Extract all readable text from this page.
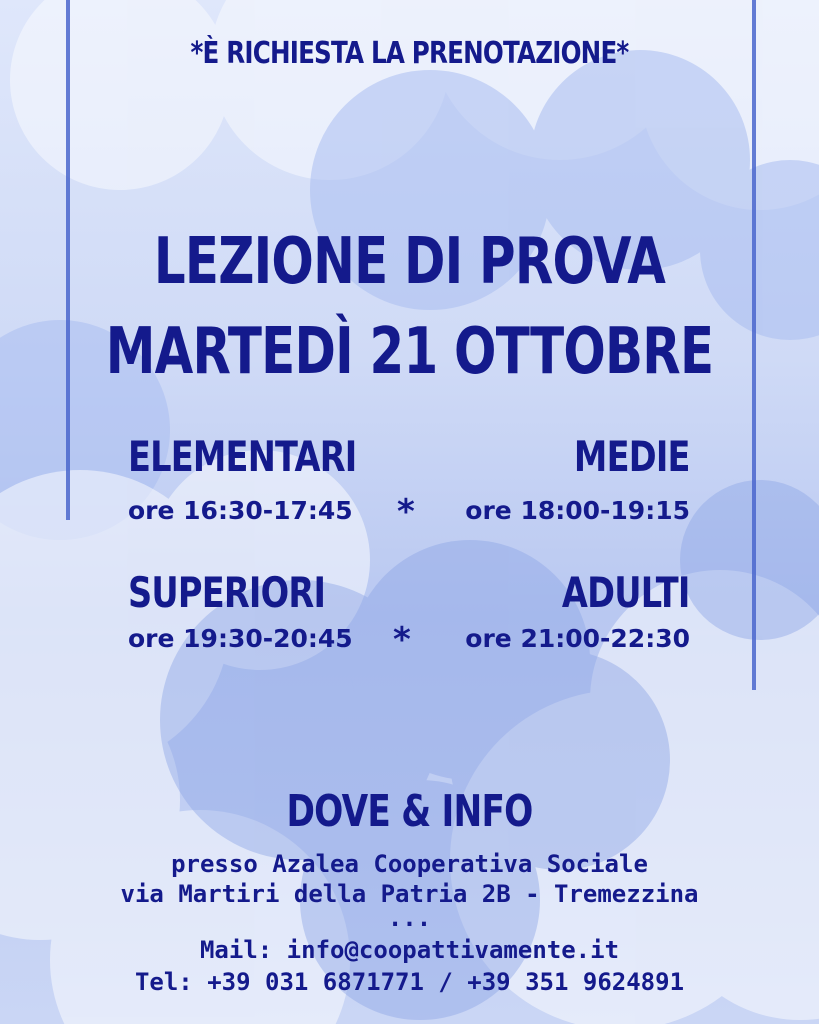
*È RICHIESTA LA PRENOTAZIONE*
LEZIONE DI PROVA
MARTEDÌ 21 OTTOBRE
ELEMENTARI	MEDIE
ore 16:30-17:45 * ore 18:00-19:15
SUPERIORI	ADULTI
ore 19:30-20:45 * ore 21:00-22:30
DOVE & INFO
presso Azalea Cooperativa Sociale
via Martiri della Patria 2B - Tremezzina
...
Mail: info@coopattivamente.it
Tel: +39 031 6871771 / +39 351 9624891
